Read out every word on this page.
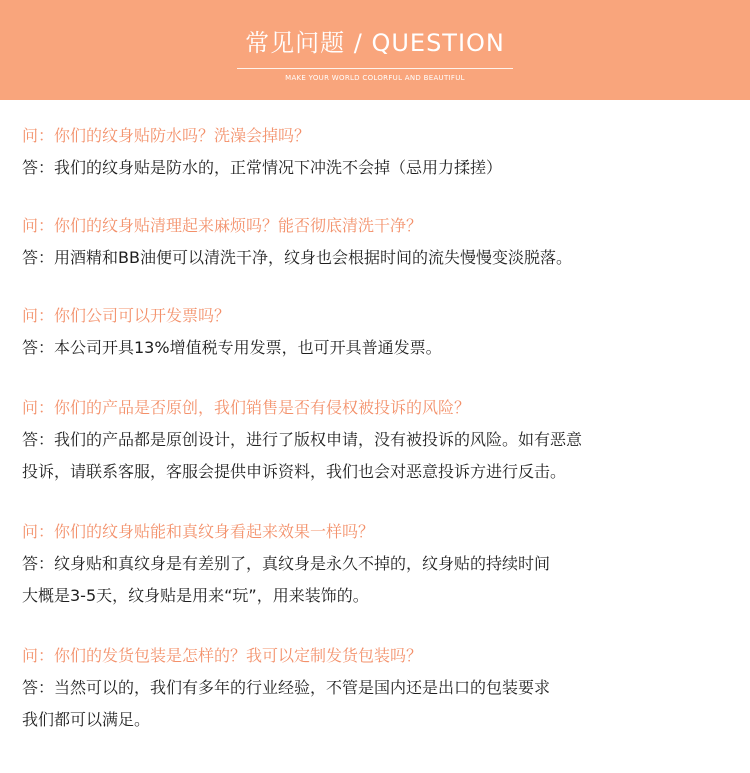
常见问题 / QUESTION
MAKE YOUR WORLD COLORFUL AND BEAUTIFUL
问：你们的纹身贴防水吗？洗澡会掉吗？
答：我们的纹身贴是防水的，正常情况下冲洗不会掉（忌用力揉搓）
问：你们的纹身贴清理起来麻烦吗？能否彻底清洗干净？
答：用酒精和BB油便可以清洗干净，纹身也会根据时间的流失慢慢变淡脱落。
问：你们公司可以开发票吗？
答：本公司开具13%增值税专用发票，也可开具普通发票。
问：你们的产品是否原创，我们销售是否有侵权被投诉的风险？
答：我们的产品都是原创设计，进行了版权申请，没有被投诉的风险。如有恶意
投诉，请联系客服，客服会提供申诉资料，我们也会对恶意投诉方进行反击。
问：你们的纹身贴能和真纹身看起来效果一样吗？
答：纹身贴和真纹身是有差别了，真纹身是永久不掉的，纹身贴的持续时间
大概是3-5天，纹身贴是用来“玩”，用来装饰的。
问：你们的发货包装是怎样的？我可以定制发货包装吗？
答：当然可以的，我们有多年的行业经验，不管是国内还是出口的包装要求
我们都可以满足。
